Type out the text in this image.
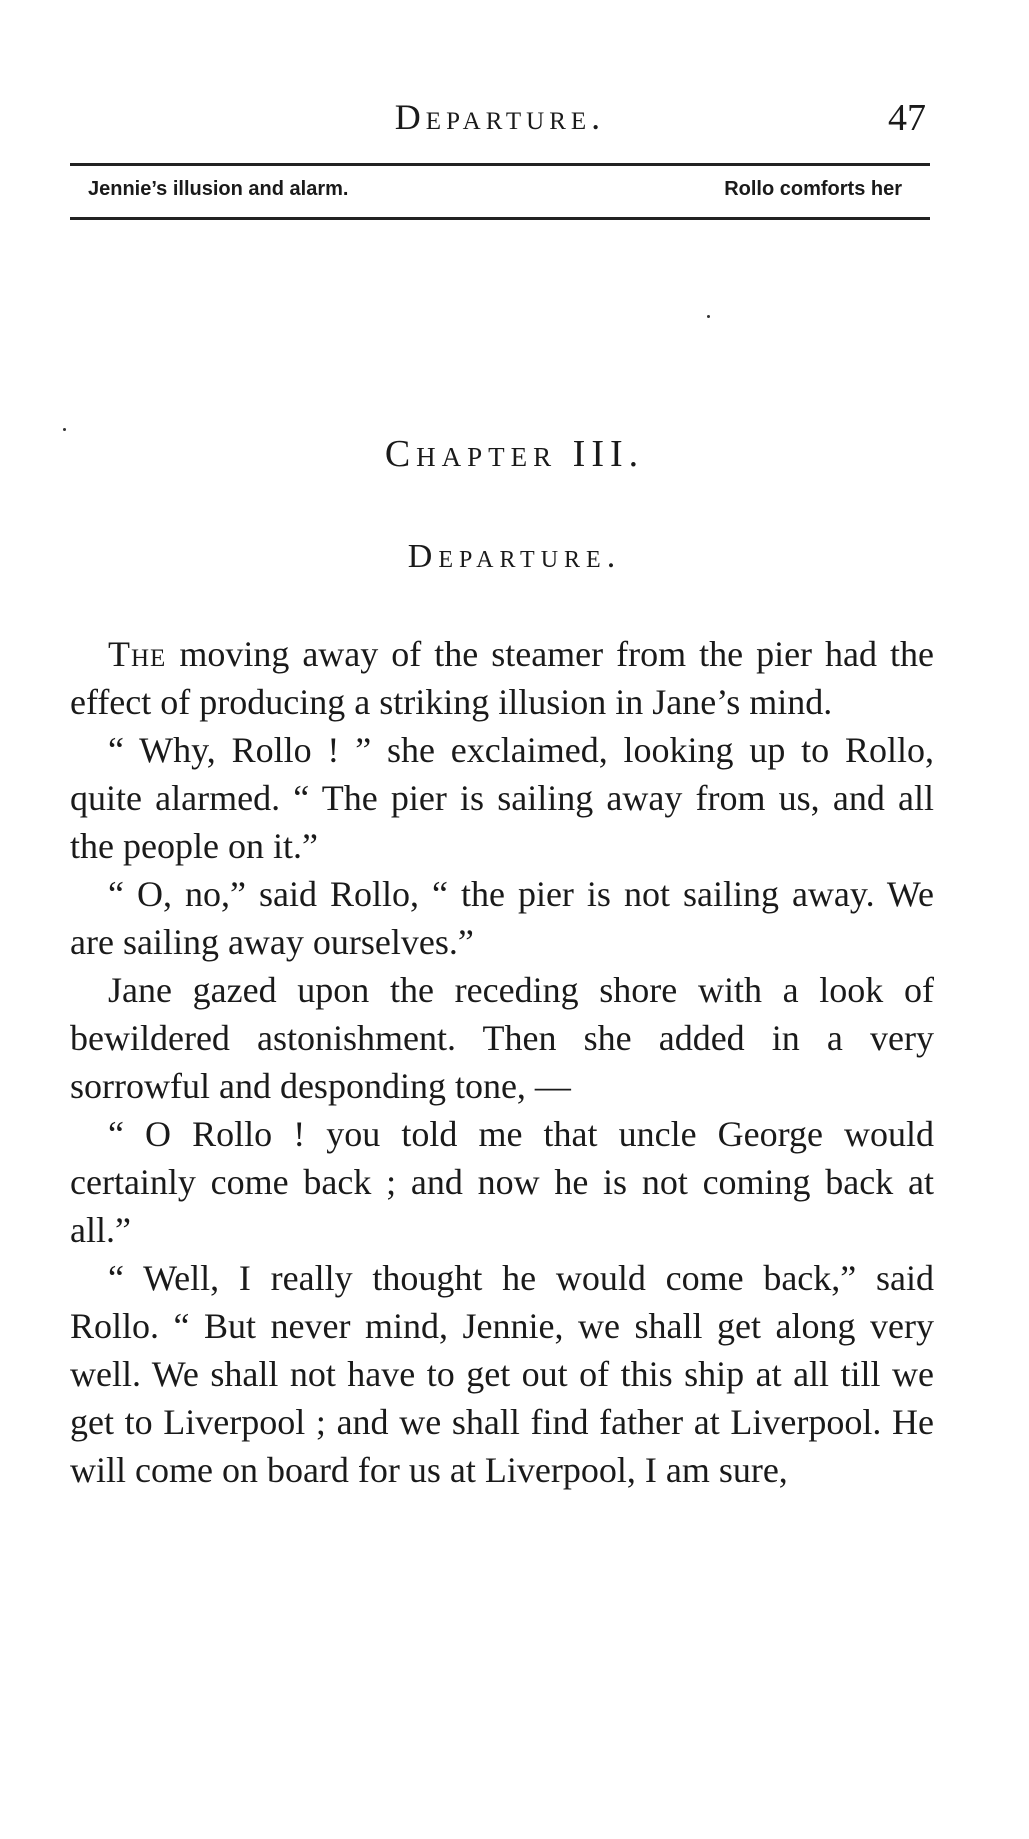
Departure.	47
Jennie’s illusion and alarm.	Rollo comforts her
Chapter III.
Departure.

The moving away of the steamer from the pier had the effect of producing a striking illusion in Jane’s mind.

“ Why, Rollo ! ” she exclaimed, looking up to Rollo, quite alarmed. “ The pier is sailing away from us, and all the people on it.”

“ O, no,” said Rollo, “ the pier is not sailing away. We are sailing away ourselves.”

Jane gazed upon the receding shore with a look of bewildered astonishment. Then she added in a very sorrowful and desponding tone, —

“ O Rollo ! you told me that uncle George would certainly come back ; and now he is not coming back at all.”

“ Well, I really thought he would come back,” said Rollo. “ But never mind, Jennie, we shall get along very well. We shall not have to get out of this ship at all till we get to Liverpool ; and we shall find father at Liverpool. He will come on board for us at Liverpool, I am sure,
